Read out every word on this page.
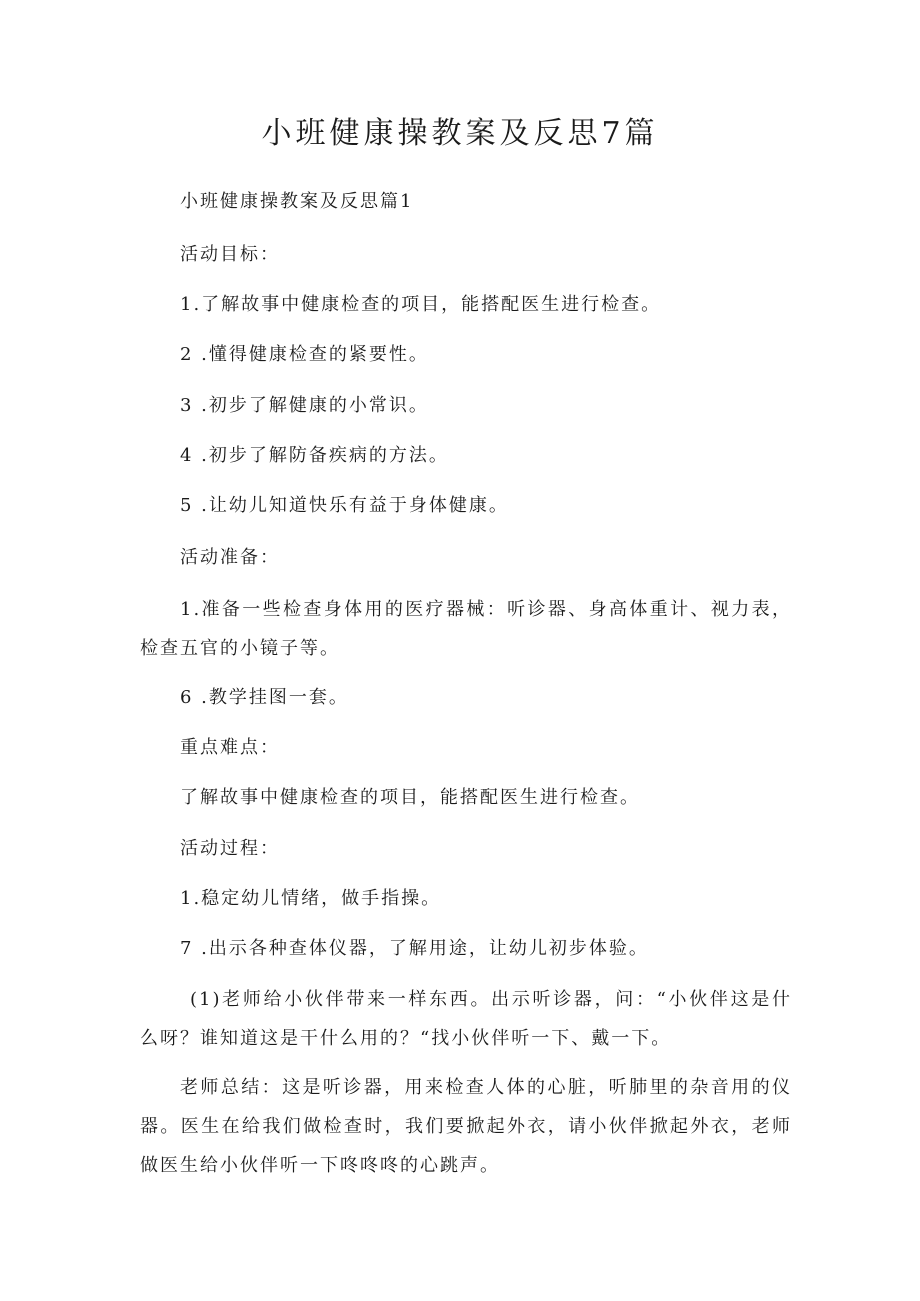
小班健康操教案及反思7篇

小班健康操教案及反思篇1

活动目标：

1.了解故事中健康检查的项目，能搭配医生进行检查。

2 .懂得健康检查的紧要性。

3 .初步了解健康的小常识。

4 .初步了解防备疾病的方法。

5 .让幼儿知道快乐有益于身体健康。

活动准备：

1.准备一些检查身体用的医疗器械：听诊器、身高体重计、视力表，检查五官的小镜子等。

6 .教学挂图一套。

重点难点：

了解故事中健康检查的项目，能搭配医生进行检查。

活动过程：

1.稳定幼儿情绪，做手指操。

7 .出示各种查体仪器，了解用途，让幼儿初步体验。

(1)老师给小伙伴带来一样东西。出示听诊器，问：“小伙伴这是什么呀？谁知道这是干什么用的？“找小伙伴听一下、戴一下。

老师总结：这是听诊器，用来检查人体的心脏，听肺里的杂音用的仪器。医生在给我们做检查时，我们要掀起外衣，请小伙伴掀起外衣，老师做医生给小伙伴听一下咚咚咚的心跳声。
